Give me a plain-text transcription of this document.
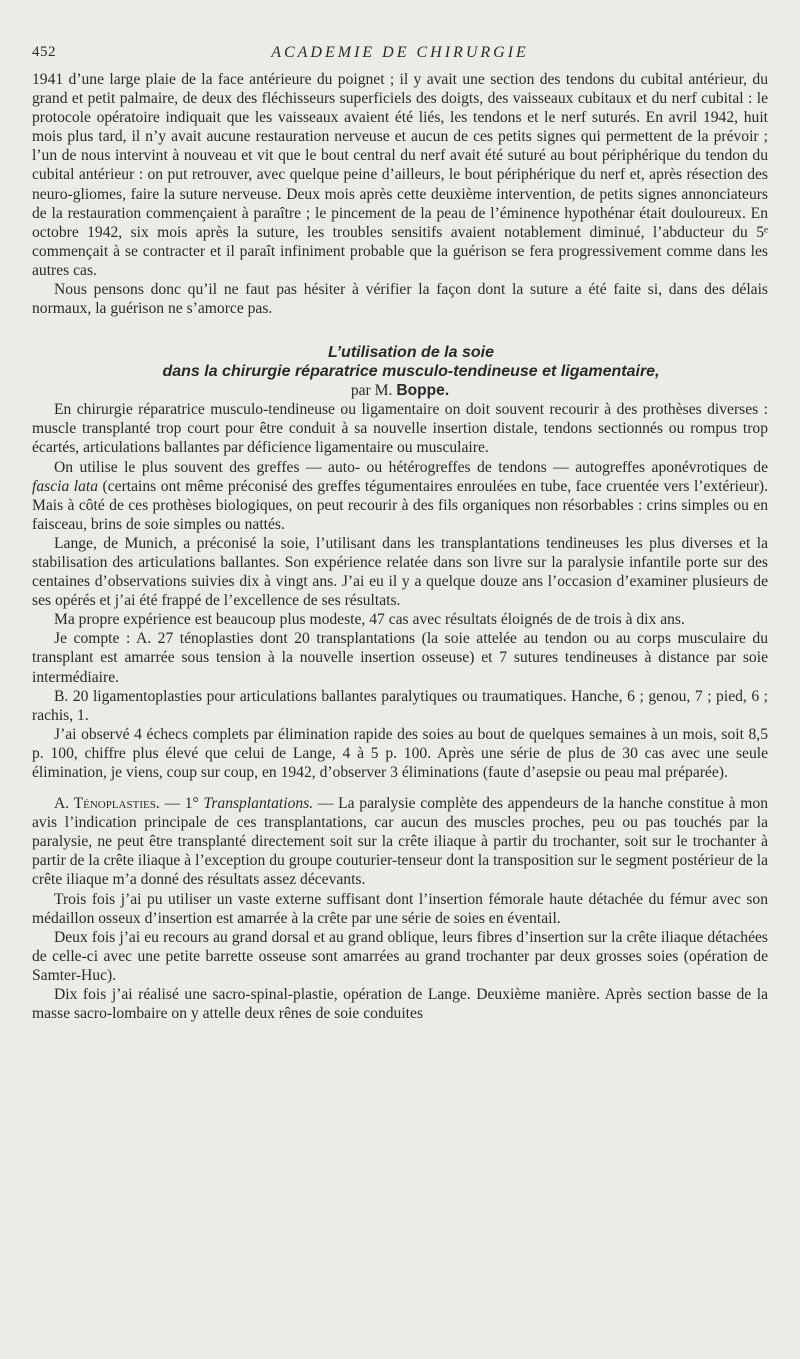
452	ACADEMIE DE CHIRURGIE

1941 d’une large plaie de la face antérieure du poignet ; il y avait une section des tendons du cubital antérieur, du grand et petit palmaire, de deux des fléchisseurs superficiels des doigts, des vaisseaux cubitaux et du nerf cubital : le protocole opératoire indiquait que les vaisseaux avaient été liés, les tendons et le nerf suturés. En avril 1942, huit mois plus tard, il n’y avait aucune restauration nerveuse et aucun de ces petits signes qui permettent de la prévoir ; l’un de nous intervint à nouveau et vit que le bout central du nerf avait été suturé au bout périphérique du tendon du cubital antérieur : on put retrouver, avec quelque peine d’ailleurs, le bout périphérique du nerf et, après résection des neuro-gliomes, faire la suture nerveuse. Deux mois après cette deuxième intervention, de petits signes annonciateurs de la restauration commençaient à paraître ; le pincement de la peau de l’éminence hypothénar était douloureux. En octobre 1942, six mois après la suture, les troubles sensitifs avaient notablement diminué, l’abducteur du 5ᵉ commençait à se contracter et il paraît infiniment probable que la guérison se fera progressivement comme dans les autres cas.

Nous pensons donc qu’il ne faut pas hésiter à vérifier la façon dont la suture a été faite si, dans des délais normaux, la guérison ne s’amorce pas.

L’utilisation de la soie

dans la chirurgie réparatrice musculo-tendineuse et ligamentaire,

par M. Boppe.

En chirurgie réparatrice musculo-tendineuse ou ligamentaire on doit souvent recourir à des prothèses diverses : muscle transplanté trop court pour être conduit à sa nouvelle insertion distale, tendons sectionnés ou rompus trop écartés, articulations ballantes par déficience ligamentaire ou musculaire.

On utilise le plus souvent des greffes — auto- ou hétérogreffes de tendons — autogreffes aponévrotiques de fascia lata (certains ont même préconisé des greffes tégumentaires enroulées en tube, face cruentée vers l’extérieur). Mais à côté de ces prothèses biologiques, on peut recourir à des fils organiques non résorbables : crins simples ou en faisceau, brins de soie simples ou nattés.

Lange, de Munich, a préconisé la soie, l’utilisant dans les transplantations tendineuses les plus diverses et la stabilisation des articulations ballantes. Son expérience relatée dans son livre sur la paralysie infantile porte sur des centaines d’observations suivies dix à vingt ans. J’ai eu il y a quelque douze ans l’occasion d’examiner plusieurs de ses opérés et j’ai été frappé de l’excellence de ses résultats.

Ma propre expérience est beaucoup plus modeste, 47 cas avec résultats éloignés de de trois à dix ans.

Je compte : A. 27 ténoplasties dont 20 transplantations (la soie attelée au tendon ou au corps musculaire du transplant est amarrée sous tension à la nouvelle insertion osseuse) et 7 sutures tendineuses à distance par soie intermédiaire.

B. 20 ligamentoplasties pour articulations ballantes paralytiques ou traumatiques. Hanche, 6 ; genou, 7 ; pied, 6 ; rachis, 1.

J’ai observé 4 échecs complets par élimination rapide des soies au bout de quelques semaines à un mois, soit 8,5 p. 100, chiffre plus élevé que celui de Lange, 4 à 5 p. 100. Après une série de plus de 30 cas avec une seule élimination, je viens, coup sur coup, en 1942, d’observer 3 éliminations (faute d’asepsie ou peau mal préparée).

A. Ténoplasties. — 1° Transplantations. — La paralysie complète des appendeurs de la hanche constitue à mon avis l’indication principale de ces transplantations, car aucun des muscles proches, peu ou pas touchés par la paralysie, ne peut être transplanté directement soit sur la crête iliaque à partir du trochanter, soit sur le trochanter à partir de la crête iliaque à l’exception du groupe couturier-tenseur dont la transposition sur le segment postérieur de la crête iliaque m’a donné des résultats assez décevants.

Trois fois j’ai pu utiliser un vaste externe suffisant dont l’insertion fémorale haute détachée du fémur avec son médaillon osseux d’insertion est amarrée à la crête par une série de soies en éventail.

Deux fois j’ai eu recours au grand dorsal et au grand oblique, leurs fibres d’insertion sur la crête iliaque détachées de celle-ci avec une petite barrette osseuse sont amarrées au grand trochanter par deux grosses soies (opération de Samter-Huc).

Dix fois j’ai réalisé une sacro-spinal-plastie, opération de Lange. Deuxième manière. Après section basse de la masse sacro-lombaire on y attelle deux rênes de soie conduites
